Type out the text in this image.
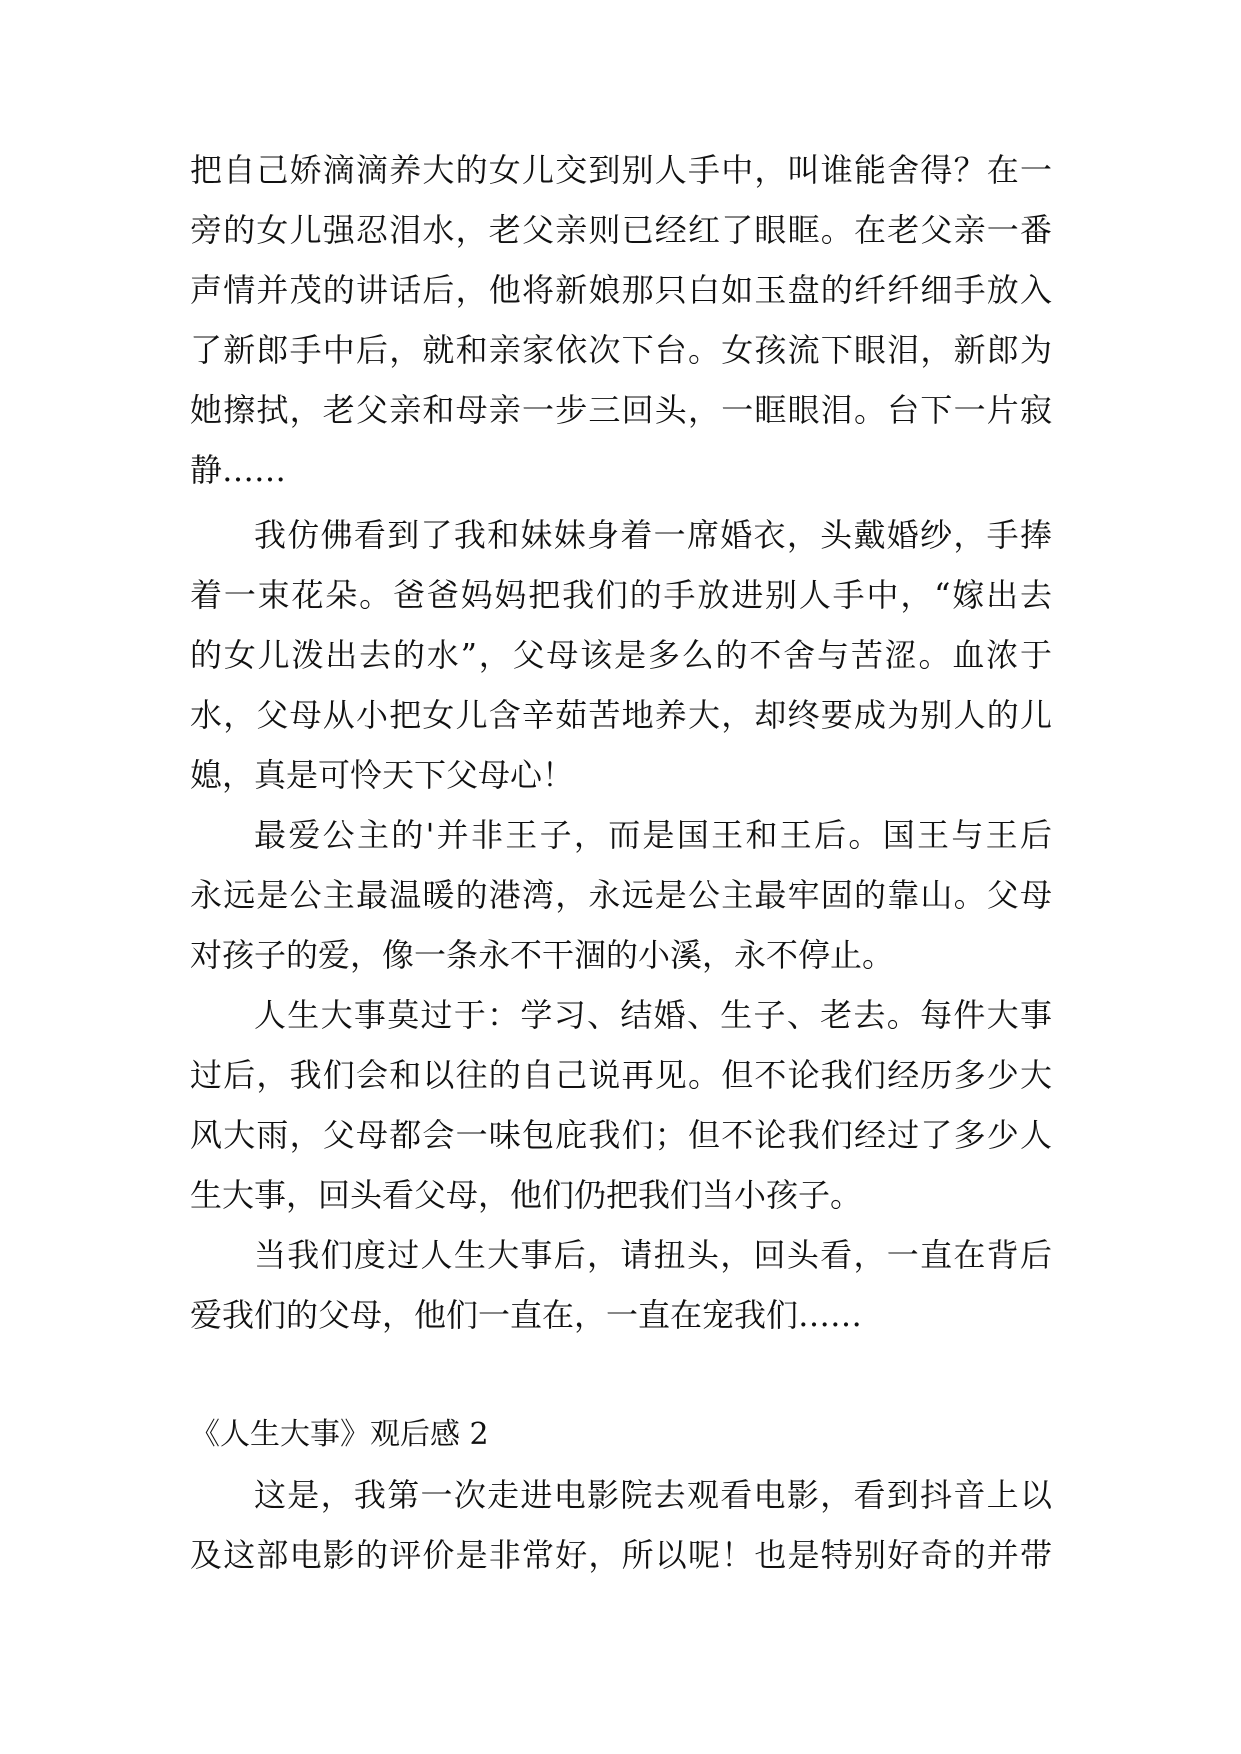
把自己娇滴滴养大的女儿交到别人手中，叫谁能舍得？在一
旁的女儿强忍泪水，老父亲则已经红了眼眶。在老父亲一番
声情并茂的讲话后，他将新娘那只白如玉盘的纤纤细手放入
了新郎手中后，就和亲家依次下台。女孩流下眼泪，新郎为
她擦拭，老父亲和母亲一步三回头，一眶眼泪。台下一片寂
静……
我仿佛看到了我和妹妹身着一席婚衣，头戴婚纱，手捧
着一束花朵。爸爸妈妈把我们的手放进别人手中，“嫁出去
的女儿泼出去的水”，父母该是多么的不舍与苦涩。血浓于
水，父母从小把女儿含辛茹苦地养大，却终要成为别人的儿
媳，真是可怜天下父母心！
最爱公主的'并非王子，而是国王和王后。国王与王后
永远是公主最温暖的港湾，永远是公主最牢固的靠山。父母
对孩子的爱，像一条永不干涸的小溪，永不停止。
人生大事莫过于：学习、结婚、生子、老去。每件大事
过后，我们会和以往的自己说再见。但不论我们经历多少大
风大雨，父母都会一味包庇我们；但不论我们经过了多少人
生大事，回头看父母，他们仍把我们当小孩子。
当我们度过人生大事后，请扭头，回头看，一直在背后
爱我们的父母，他们一直在，一直在宠我们……
《人生大事》观后感 2
这是，我第一次走进电影院去观看电影，看到抖音上以
及这部电影的评价是非常好，所以呢！也是特别好奇的并带
